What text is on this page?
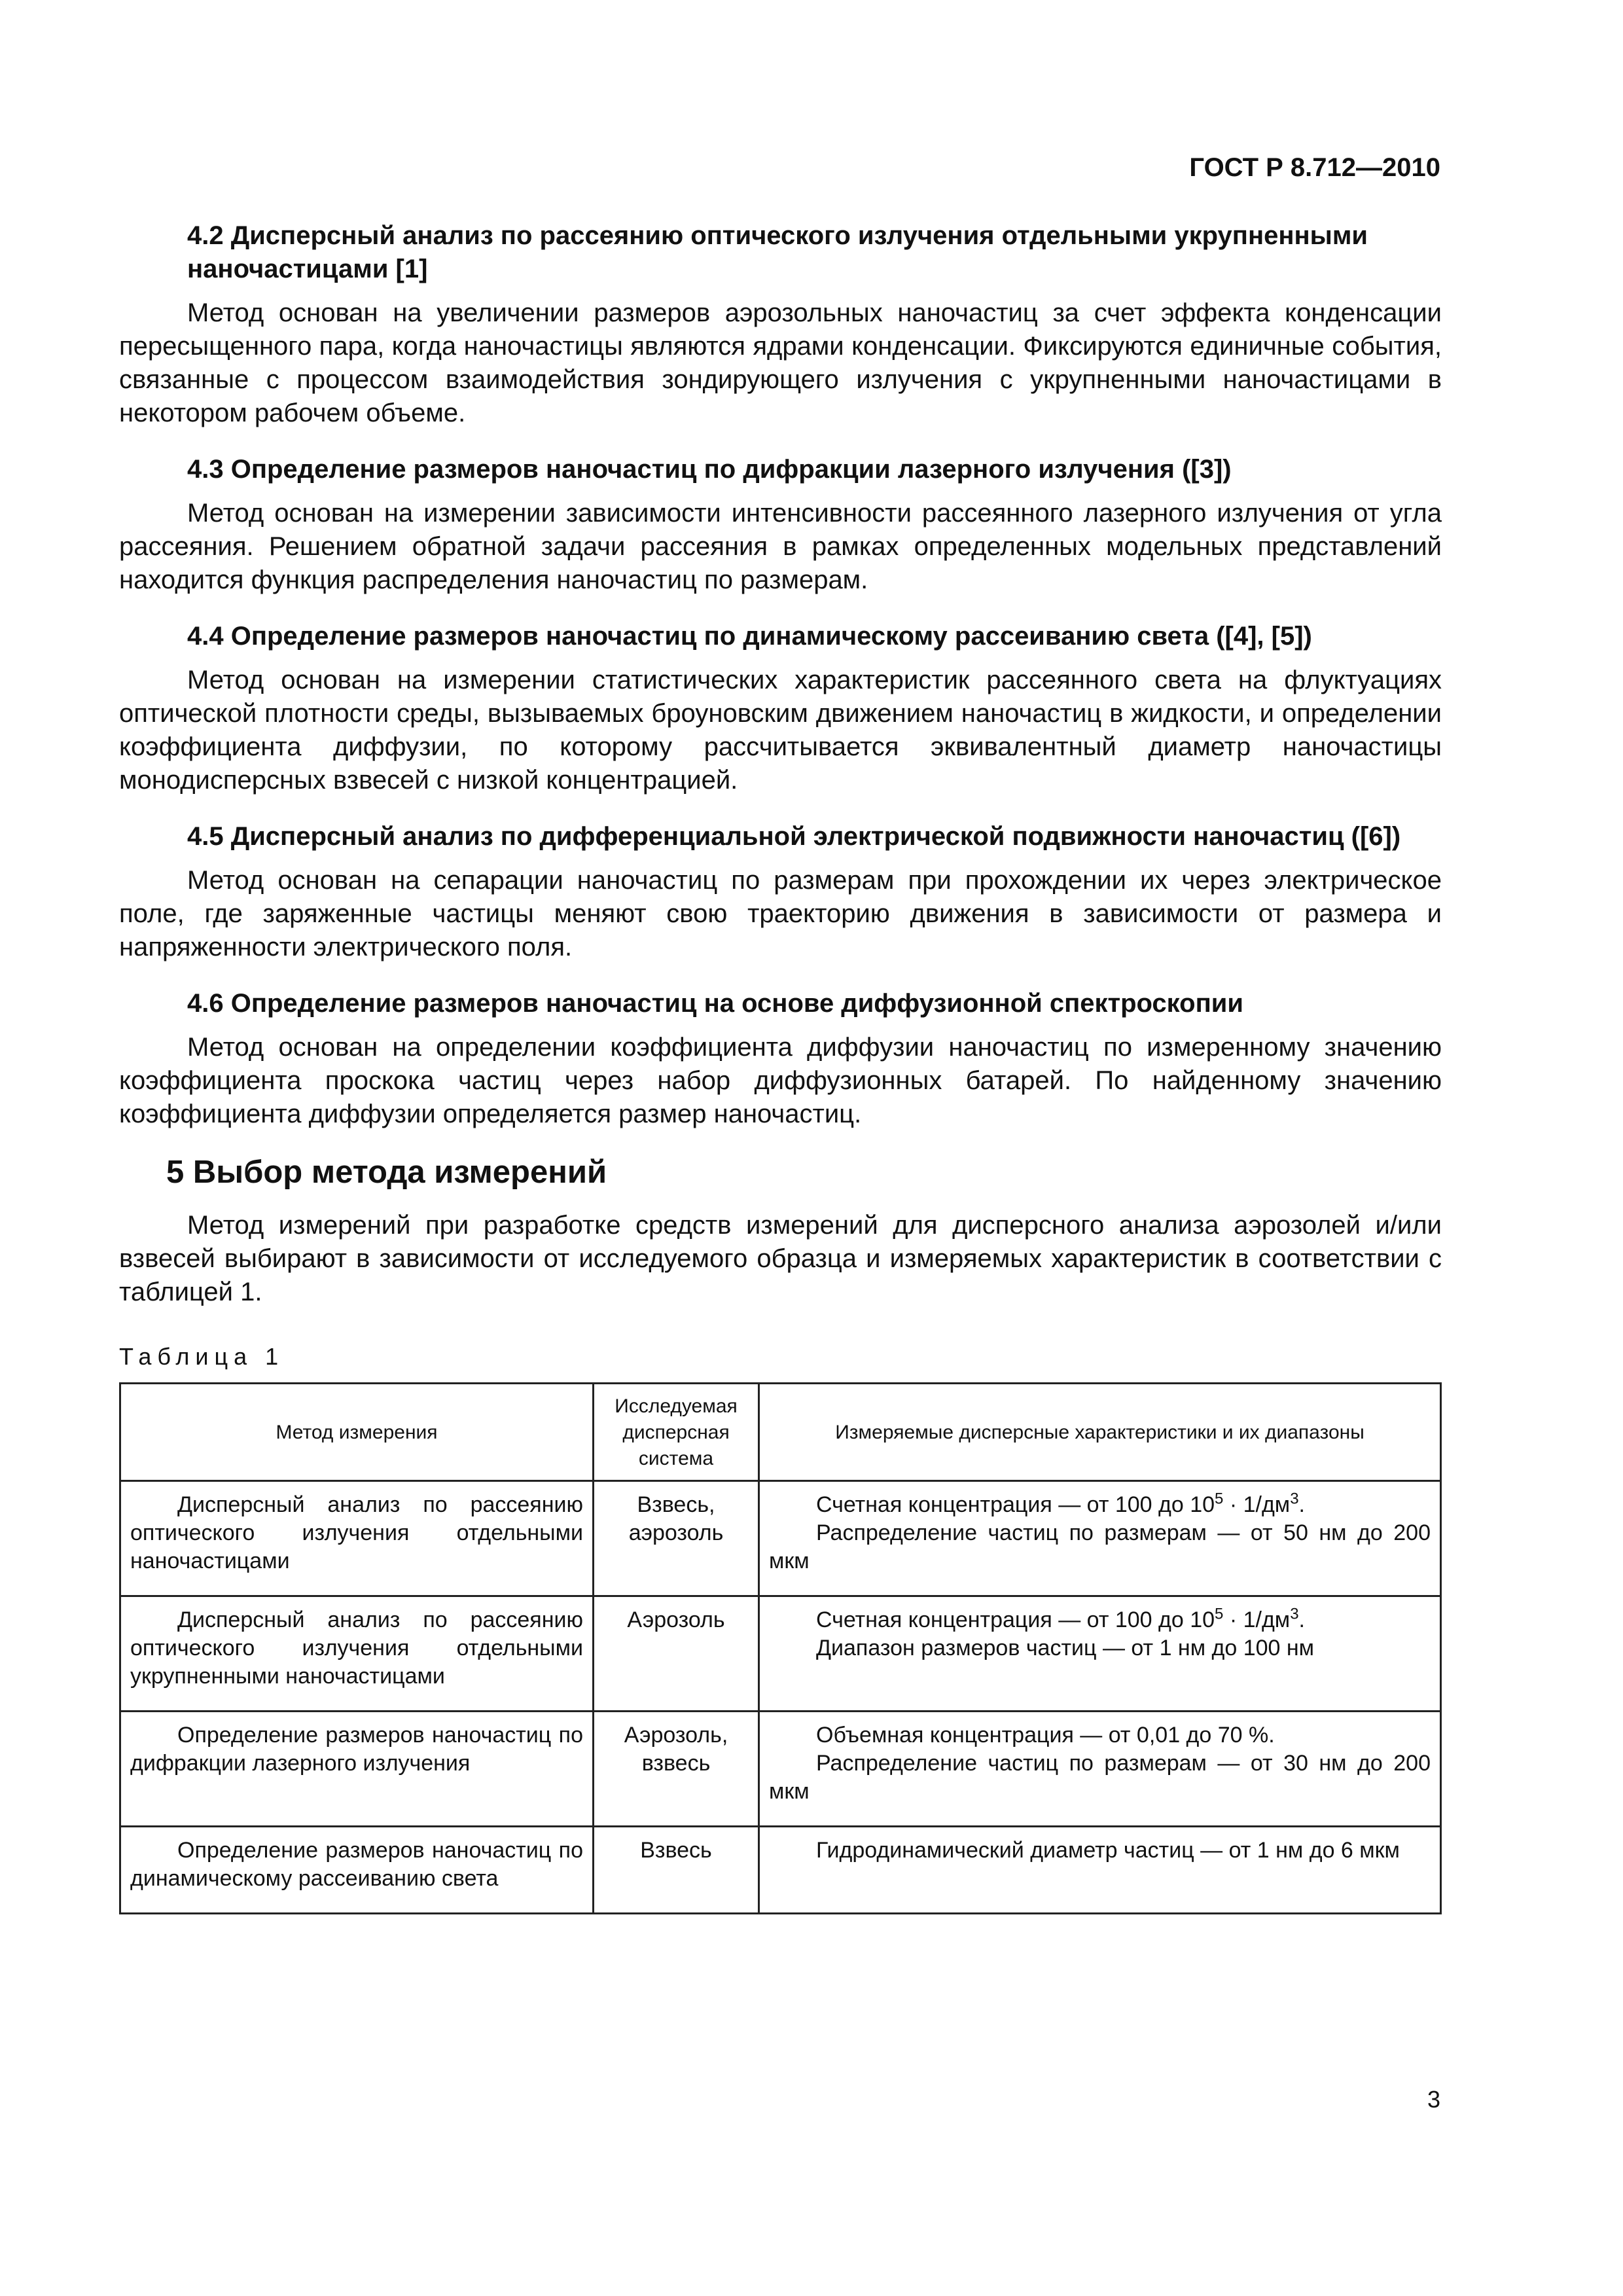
ГОСТ Р 8.712—2010
4.2 Дисперсный анализ по рассеянию оптического излучения отдельными укрупненными наночастицами [1]

Метод основан на увеличении размеров аэрозольных наночастиц за счет эффекта конденсации пересыщенного пара, когда наночастицы являются ядрами конденсации. Фиксируются единичные события, связанные с процессом взаимодействия зондирующего излучения с укрупненными наночастицами в некотором рабочем объеме.

4.3 Определение размеров наночастиц по дифракции лазерного излучения ([3])

Метод основан на измерении зависимости интенсивности рассеянного лазерного излучения от угла рассеяния. Решением обратной задачи рассеяния в рамках определенных модельных представлений находится функция распределения наночастиц по размерам.

4.4 Определение размеров наночастиц по динамическому рассеиванию света ([4], [5])

Метод основан на измерении статистических характеристик рассеянного света на флуктуациях оптической плотности среды, вызываемых броуновским движением наночастиц в жидкости, и определении коэффициента диффузии, по которому рассчитывается эквивалентный диаметр наночастицы монодисперсных взвесей с низкой концентрацией.

4.5 Дисперсный анализ по дифференциальной электрической подвижности наночастиц ([6])

Метод основан на сепарации наночастиц по размерам при прохождении их через электрическое поле, где заряженные частицы меняют свою траекторию движения в зависимости от размера и напряженности электрического поля.

4.6 Определение размеров наночастиц на основе диффузионной спектроскопии

Метод основан на определении коэффициента диффузии наночастиц по измеренному значению коэффициента проскока частиц через набор диффузионных батарей. По найденному значению коэффициента диффузии определяется размер наночастиц.

5 Выбор метода измерений

Метод измерений при разработке средств измерений для дисперсного анализа аэрозолей и/или взвесей выбирают в зависимости от исследуемого образца и измеряемых характеристик в соответствии с таблицей 1.

Таблица 1
Метод измерения	Исследуемая дисперсная система	Измеряемые дисперсные характеристики и их диапазоны
Дисперсный анализ по рассеянию оптического излучения отдельными наночастицами	Взвесь, аэрозоль	Счетная концентрация — от 100 до $10^5 \cdot 1/дм^3$.
Распределение частиц по размерам — от 50 нм до 200 мкм

Дисперсный анализ по рассеянию оптического излучения отдельными укрупненными наночастицами	Аэрозоль	Счетная концентрация — от 100 до $10^5 \cdot 1/дм^3$.
Диапазон размеров частиц — от 1 нм до 100 нм

Определение размеров наночастиц по дифракции лазерного излучения	Аэрозоль, взвесь	Объемная концентрация — от 0,01 до 70 %.
Распределение частиц по размерам — от 30 нм до 200 мкм

Определение размеров наночастиц по динамическому рассеиванию света	Взвесь	Гидродинамический диаметр частиц — от 1 нм до 6 мкм
3
